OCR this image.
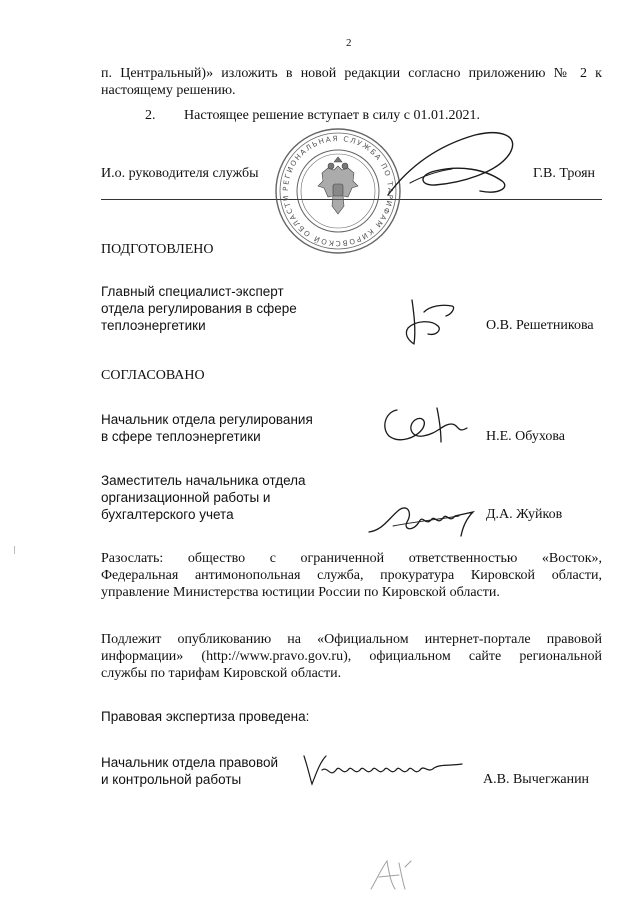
2
п. Центральный)» изложить в новой редакции согласно приложению № 2 к
настоящему решению.
2. Настоящее решение вступает в силу с 01.01.2021.
И.о. руководителя службы	Г.В. Троян
РЕГИОНАЛЬНАЯ СЛУЖБА ПО ТАРИФАМ КИРОВСКОЙ ОБЛАСТИ
ПОДГОТОВЛЕНО
Главный специалист-эксперт
отдела регулирования в сфере
теплоэнергетики	О.В. Решетникова
СОГЛАСОВАНО
Начальник отдела регулирования
в сфере теплоэнергетики	Н.Е. Обухова
Заместитель начальника отдела
организационной работы и
бухгалтерского учета	Д.А. Жуйков
Разослать: общество с ограниченной ответственностью «Восток»,
Федеральная антимонопольная служба, прокуратура Кировской области,
управление Министерства юстиции России по Кировской области.
Подлежит опубликованию на «Официальном интернет-портале правовой
информации» (http://www.pravo.gov.ru), официальном сайте региональной
службы по тарифам Кировской области.
Правовая экспертиза проведена:
Начальник отдела правовой
и контрольной работы	А.В. Вычегжанин
